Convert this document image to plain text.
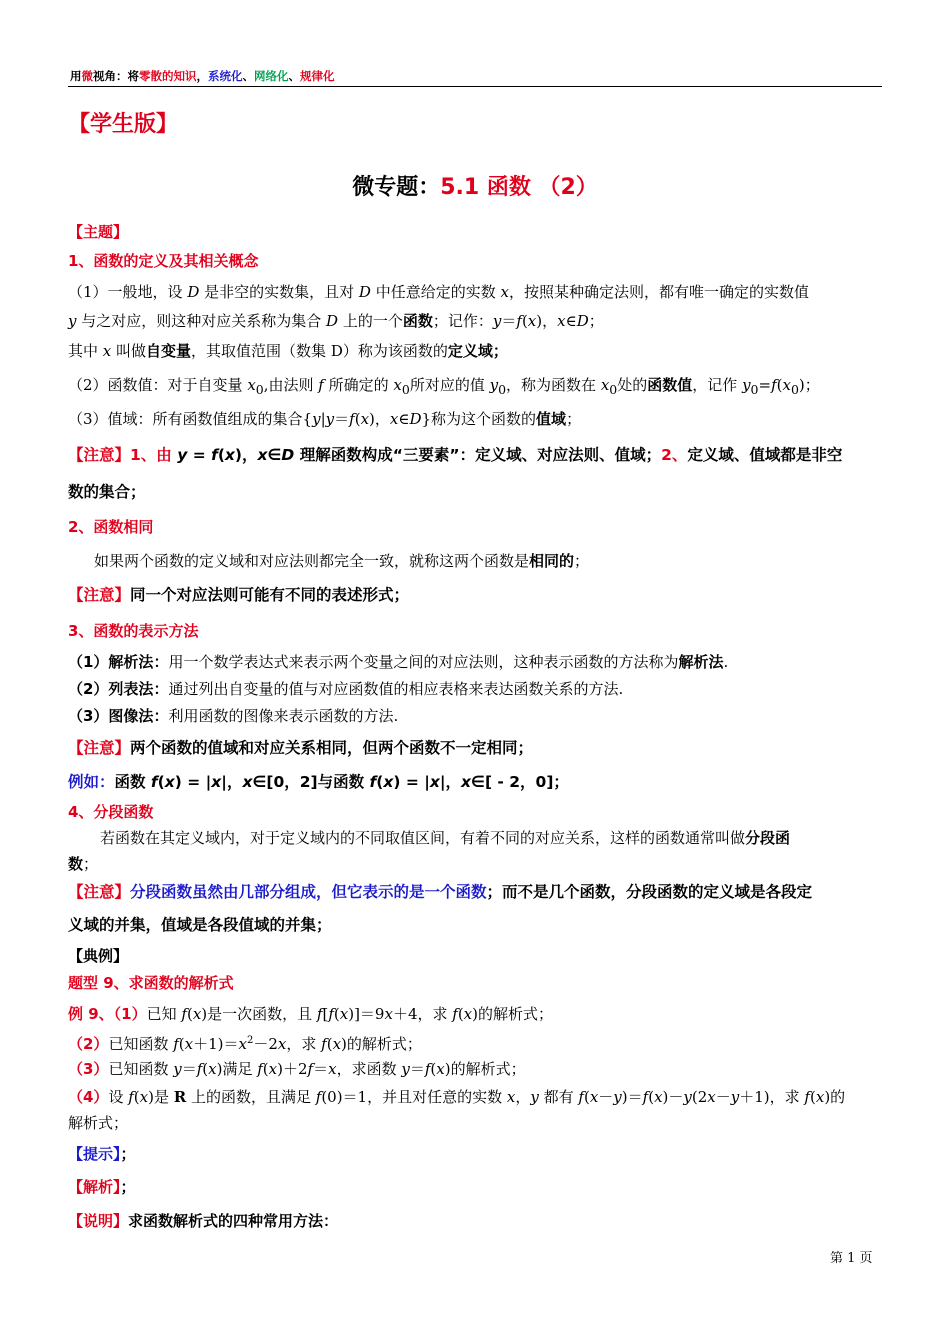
用微视角：将零散的知识，系统化、网络化、规律化
【学生版】
微专题：5.1 函数 （2）
【主题】
1、函数的定义及其相关概念
（1）一般地，设 D 是非空的实数集，且对 D 中任意给定的实数 x，按照某种确定法则，都有唯一确定的实数值
y 与之对应，则这种对应关系称为集合 D 上的一个函数；记作：y＝f(x)，x∈D；
其中 x 叫做自变量，其取值范围（数集 D）称为该函数的定义域；
（2）函数值：对于自变量 $x_0$,由法则 f 所确定的 $x_0$所对应的值 $y_0$，称为函数在 $x_0$处的函数值，记作 $y_0=f(x_0)$；
（3）值域：所有函数值组成的集合{y|y＝f(x)，x∈D}称为这个函数的值域；
【注意】1、由 y = f(x)，x∈D 理解函数构成“三要素”：定义域、对应法则、值域；2、定义域、值域都是非空
数的集合；
2、函数相同
如果两个函数的定义域和对应法则都完全一致，就称这两个函数是相同的；
【注意】同一个对应法则可能有不同的表述形式；
3、函数的表示方法
（1）解析法：用一个数学表达式来表示两个变量之间的对应法则，这种表示函数的方法称为解析法.
（2）列表法：通过列出自变量的值与对应函数值的相应表格来表达函数关系的方法.
（3）图像法：利用函数的图像来表示函数的方法.
【注意】两个函数的值域和对应关系相同，但两个函数不一定相同；
例如：函数 f(x) = |x|，x∈[0，2]与函数 f(x) = |x|，x∈[ - 2，0]；
4、分段函数
若函数在其定义域内，对于定义域内的不同取值区间，有着不同的对应关系，这样的函数通常叫做分段函
数；
【注意】分段函数虽然由几部分组成，但它表示的是一个函数；而不是几个函数，分段函数的定义域是各段定
义域的并集，值域是各段值域的并集；
【典例】
题型 9、求函数的解析式
例 9、（1）已知 f(x)是一次函数，且 f[f(x)]＝9x＋4，求 f(x)的解析式；
（2）已知函数 $f(x+1)=x^2-2x$，求 f(x)的解析式；
（3）已知函数 y＝f(x)满足 f(x)＋2f＝x，求函数 y＝f(x)的解析式；
（4）设 f(x)是 R 上的函数，且满足 f(0)＝1，并且对任意的实数 x，y 都有 f(x－y)＝f(x)－y(2x－y＋1)，求 f(x)的
解析式；
【提示】；
【解析】；
【说明】求函数解析式的四种常用方法：
第 1 页
